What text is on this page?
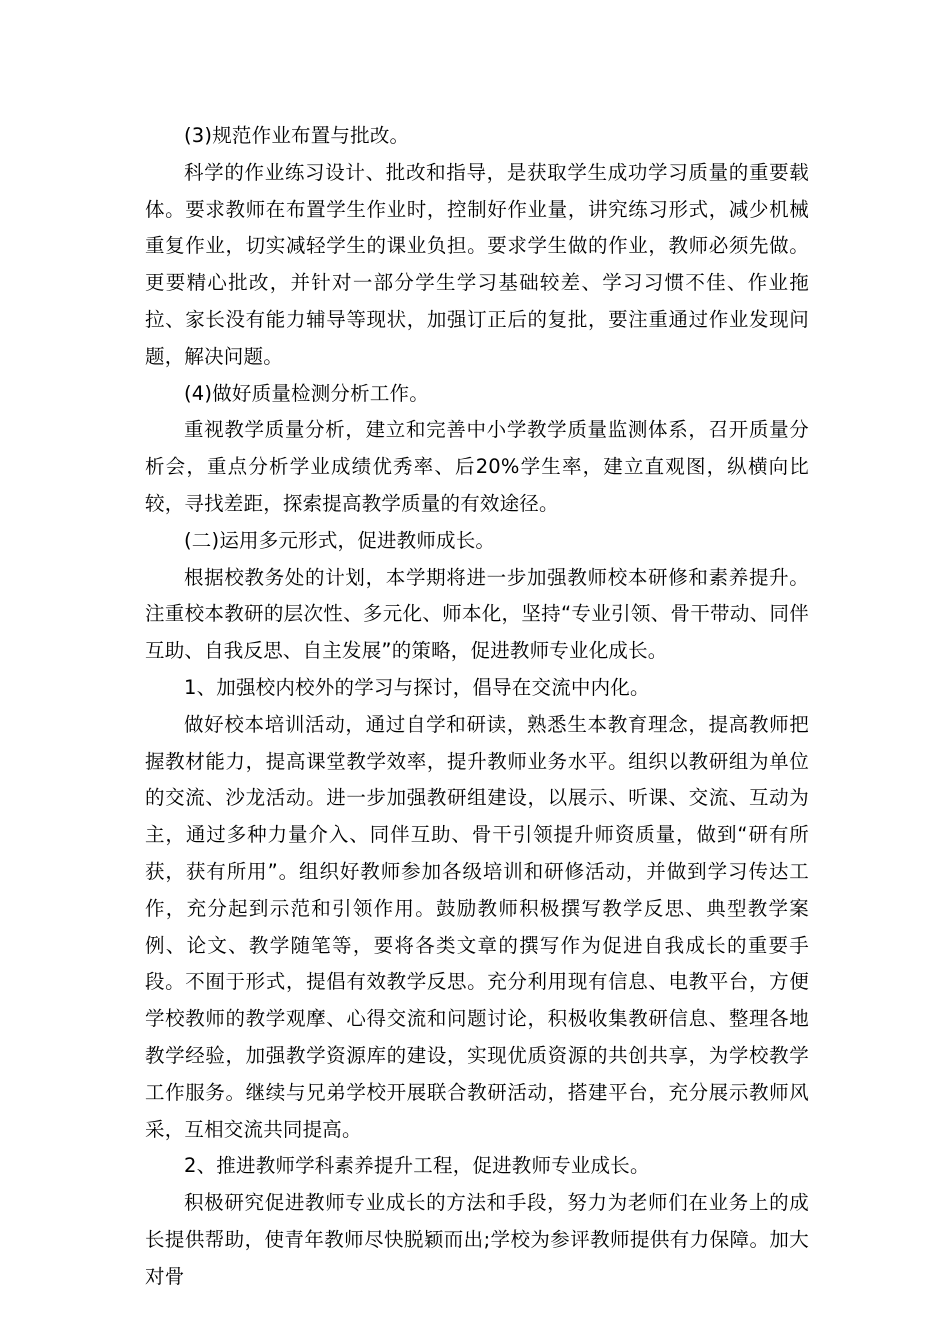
(3)规范作业布置与批改。

科学的作业练习设计、批改和指导，是获取学生成功学习质量的重要载体。要求教师在布置学生作业时，控制好作业量，讲究练习形式，减少机械重复作业，切实减轻学生的课业负担。要求学生做的作业，教师必须先做。更要精心批改，并针对一部分学生学习基础较差、学习习惯不佳、作业拖拉、家长没有能力辅导等现状，加强订正后的复批，要注重通过作业发现问题，解决问题。

(4)做好质量检测分析工作。

重视教学质量分析，建立和完善中小学教学质量监测体系，召开质量分析会，重点分析学业成绩优秀率、后20%学生率，建立直观图，纵横向比较，寻找差距，探索提高教学质量的有效途径。

(二)运用多元形式，促进教师成长。

根据校教务处的计划，本学期将进一步加强教师校本研修和素养提升。注重校本教研的层次性、多元化、师本化，坚持“专业引领、骨干带动、同伴互助、自我反思、自主发展”的策略，促进教师专业化成长。

1、加强校内校外的学习与探讨，倡导在交流中内化。

做好校本培训活动，通过自学和研读，熟悉生本教育理念，提高教师把握教材能力，提高课堂教学效率，提升教师业务水平。组织以教研组为单位的交流、沙龙活动。进一步加强教研组建设，以展示、听课、交流、互动为主，通过多种力量介入、同伴互助、骨干引领提升师资质量，做到“研有所获，获有所用”。组织好教师参加各级培训和研修活动，并做到学习传达工作，充分起到示范和引领作用。鼓励教师积极撰写教学反思、典型教学案例、论文、教学随笔等，要将各类文章的撰写作为促进自我成长的重要手段。不囿于形式，提倡有效教学反思。充分利用现有信息、电教平台，方便学校教师的教学观摩、心得交流和问题讨论，积极收集教研信息、整理各地教学经验，加强教学资源库的建设，实现优质资源的共创共享，为学校教学工作服务。继续与兄弟学校开展联合教研活动，搭建平台，充分展示教师风采，互相交流共同提高。

2、推进教师学科素养提升工程，促进教师专业成长。

积极研究促进教师专业成长的方法和手段，努力为老师们在业务上的成长提供帮助，使青年教师尽快脱颖而出;学校为参评教师提供有力保障。加大对骨
